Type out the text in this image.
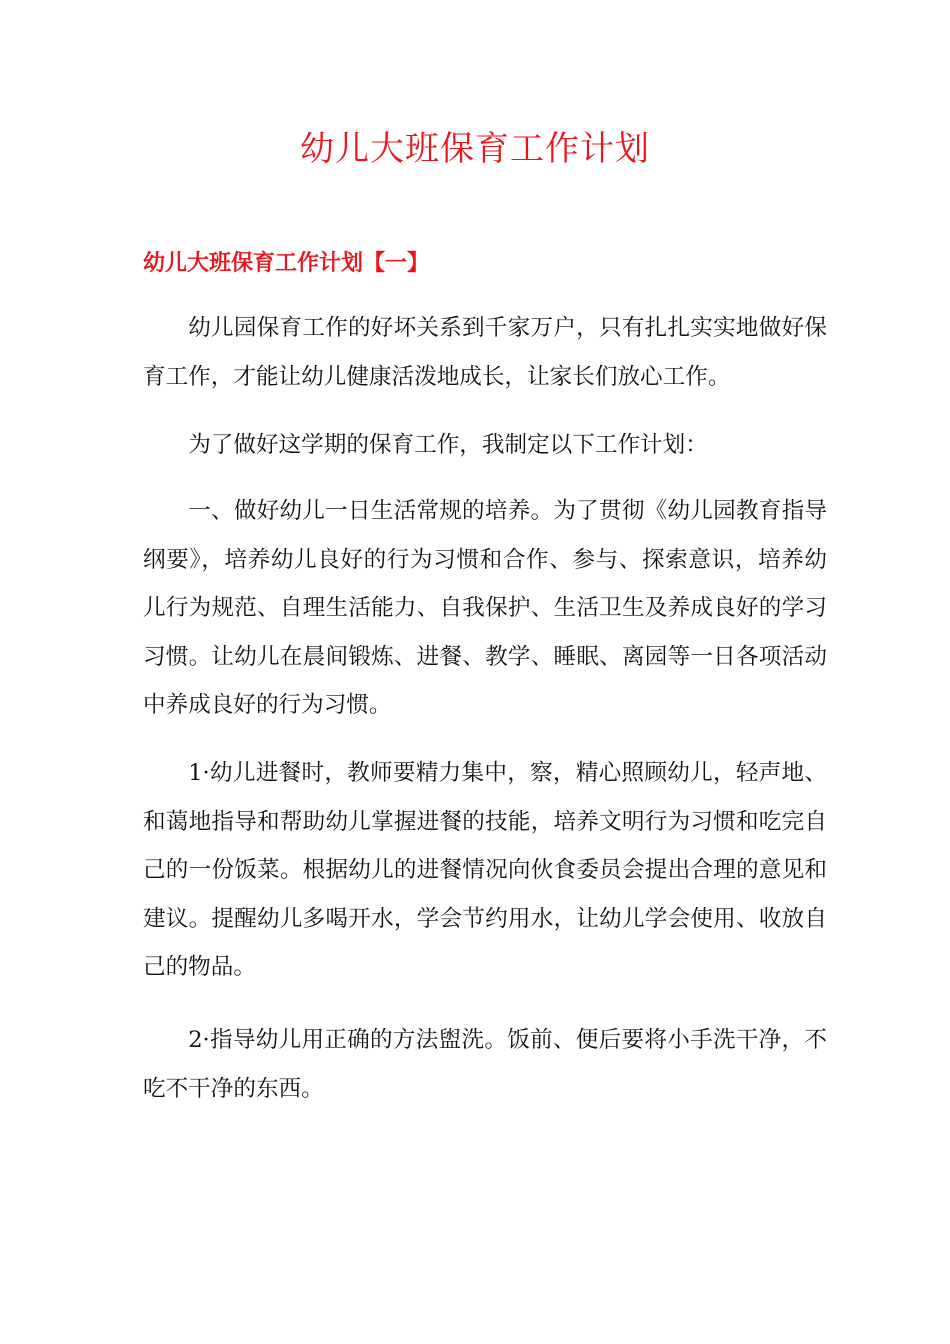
幼儿大班保育工作计划
幼儿大班保育工作计划【一】

幼儿园保育工作的好坏关系到千家万户，只有扎扎实实地做好保育工作，才能让幼儿健康活泼地成长，让家长们放心工作。

为了做好这学期的保育工作，我制定以下工作计划：

一、做好幼儿一日生活常规的培养。为了贯彻《幼儿园教育指导纲要》，培养幼儿良好的行为习惯和合作、参与、探索意识，培养幼儿行为规范、自理生活能力、自我保护、生活卫生及养成良好的学习习惯。让幼儿在晨间锻炼、进餐、教学、睡眠、离园等一日各项活动中养成良好的行为习惯。

1·幼儿进餐时，教师要精力集中，察，精心照顾幼儿，轻声地、和蔼地指导和帮助幼儿掌握进餐的技能，培养文明行为习惯和吃完自己的一份饭菜。根据幼儿的进餐情况向伙食委员会提出合理的意见和建议。提醒幼儿多喝开水，学会节约用水，让幼儿学会使用、收放自己的物品。

2·指导幼儿用正确的方法盥洗。饭前、便后要将小手洗干净，不吃不干净的东西。
